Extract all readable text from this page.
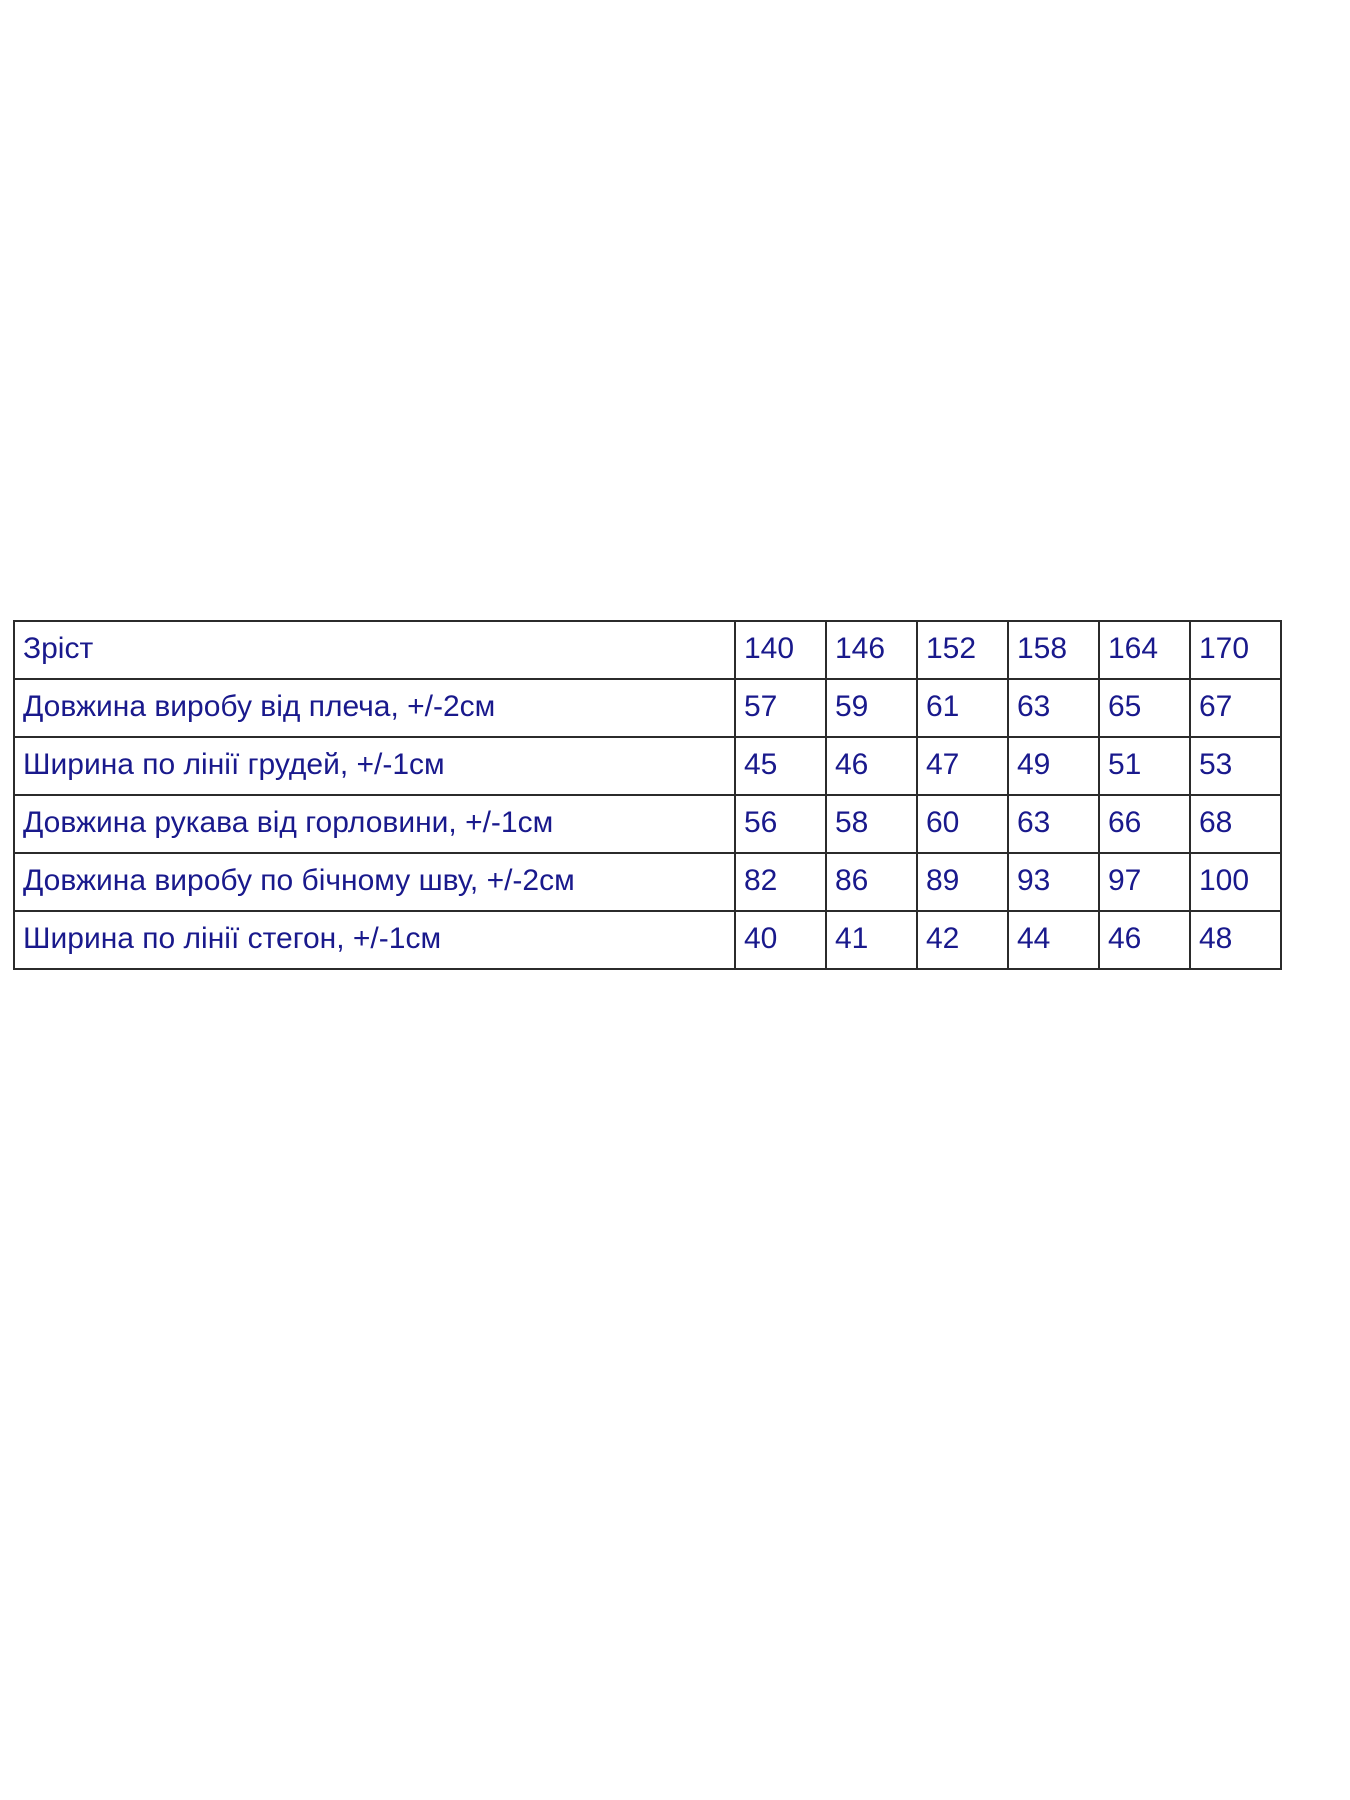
Зріст	140	146	152	158	164	170
Довжина виробу від плеча, +/-2см	57	59	61	63	65	67
Ширина по лінії грудей, +/-1см	45	46	47	49	51	53
Довжина рукава від горловини, +/-1см	56	58	60	63	66	68
Довжина виробу по бічному шву, +/-2см	82	86	89	93	97	100
Ширина по лінії стегон, +/-1см	40	41	42	44	46	48
